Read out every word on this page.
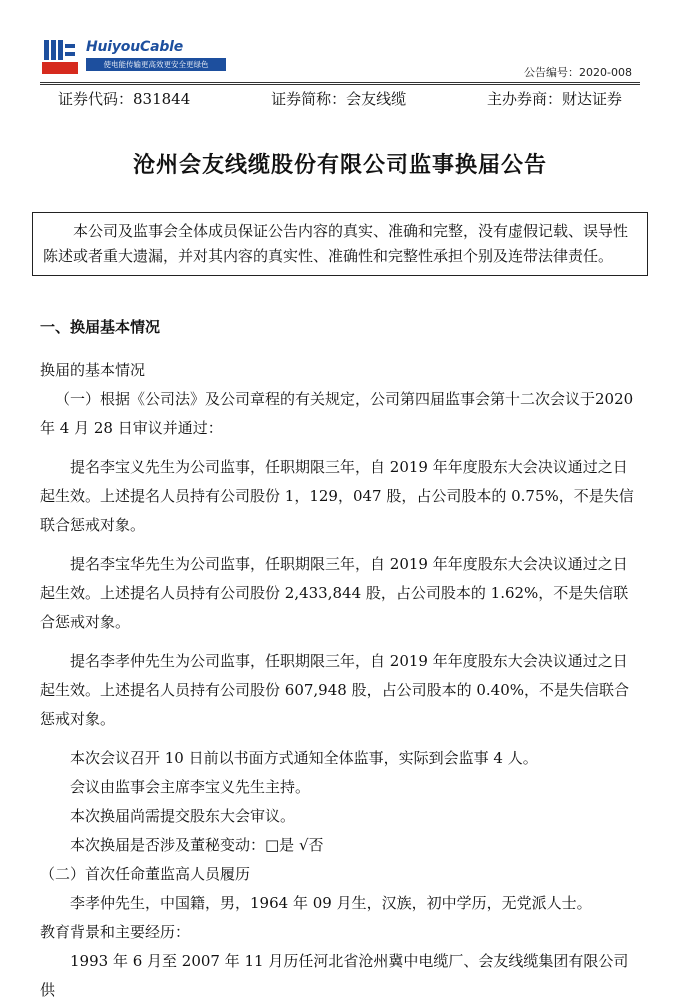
HuiyouCable
使电能传输更高效更安全更绿色
公告编号：2020-008
证券代码：831844	证券简称：会友线缆	主办券商：财达证券
沧州会友线缆股份有限公司监事换届公告
本公司及监事会全体成员保证公告内容的真实、准确和完整，没有虚假记载、误导性陈述或者重大遗漏，并对其内容的真实性、准确性和完整性承担个别及连带法律责任。
一、换届基本情况

换届的基本情况

（一）根据《公司法》及公司章程的有关规定，公司第四届监事会第十二次会议于2020 年 4 月 28 日审议并通过：

提名李宝义先生为公司监事，任职期限三年，自 2019 年年度股东大会决议通过之日起生效。上述提名人员持有公司股份 1，129，047 股，占公司股本的 0.75%，不是失信联合惩戒对象。

提名李宝华先生为公司监事，任职期限三年，自 2019 年年度股东大会决议通过之日起生效。上述提名人员持有公司股份 2,433,844 股，占公司股本的 1.62%，不是失信联合惩戒对象。

提名李孝仲先生为公司监事，任职期限三年，自 2019 年年度股东大会决议通过之日起生效。上述提名人员持有公司股份 607,948 股，占公司股本的 0.40%，不是失信联合惩戒对象。

本次会议召开 10 日前以书面方式通知全体监事，实际到会监事 4 人。

会议由监事会主席李宝义先生主持。

本次换届尚需提交股东大会审议。

本次换届是否涉及董秘变动：□是 √否

（二）首次任命董监高人员履历

李孝仲先生，中国籍，男，1964 年 09 月生，汉族，初中学历，无党派人士。

教育背景和主要经历：

1993 年 6 月至 2007 年 11 月历任河北省沧州冀中电缆厂、会友线缆集团有限公司供
